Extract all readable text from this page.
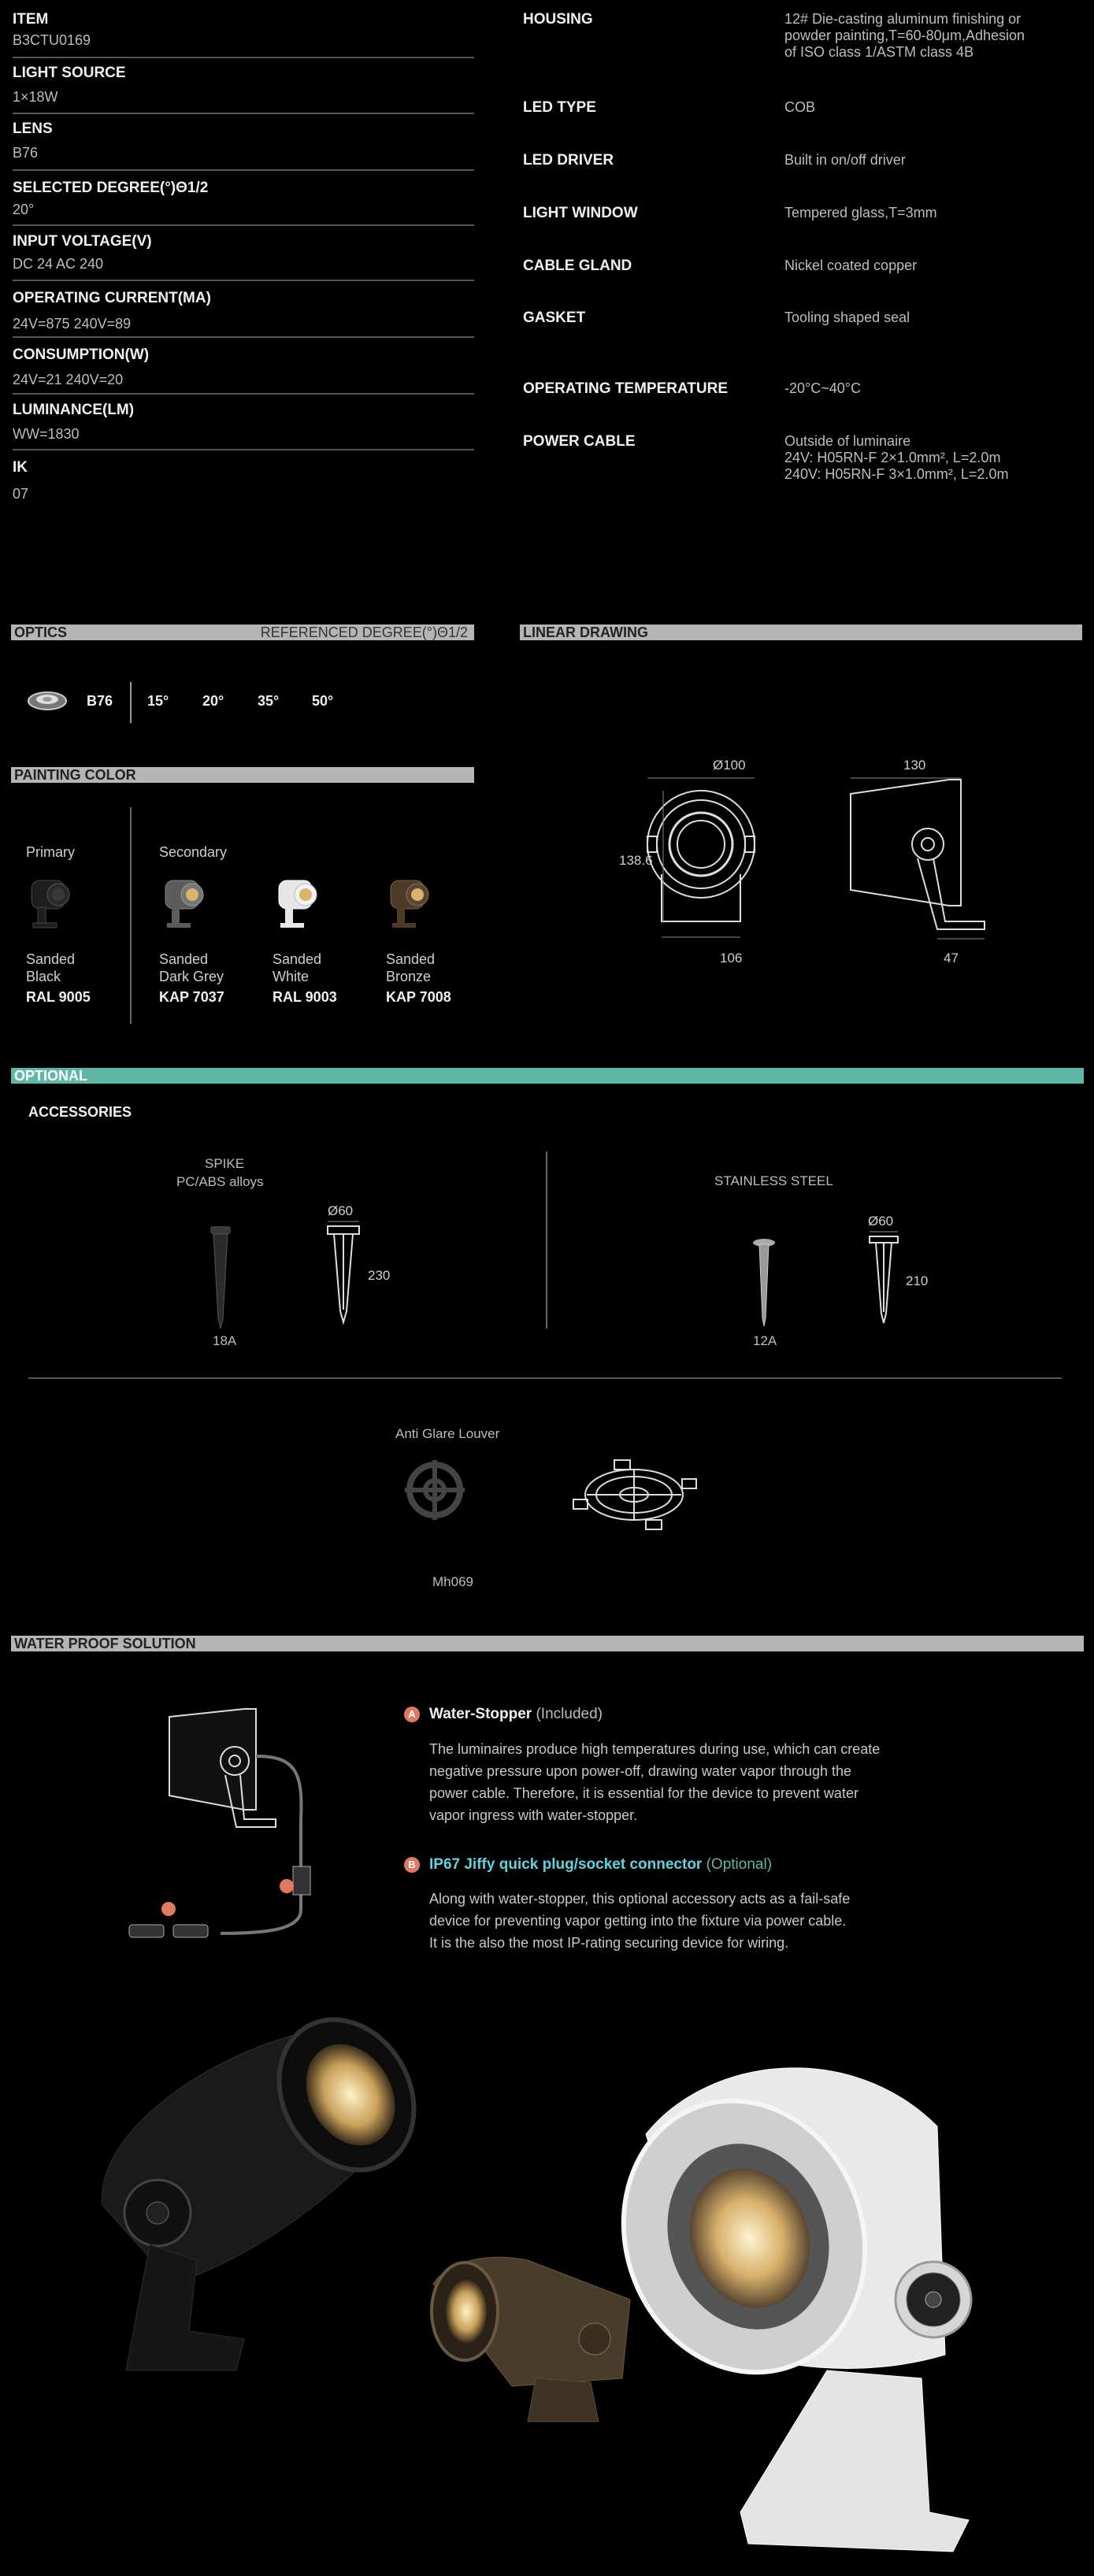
ITEM
B3CTU0169
LIGHT SOURCE
1×18W
LENS
B76
SELECTED DEGREE(°)Θ1/2
20°
INPUT VOLTAGE(V)
DC 24 AC 240
OPERATING CURRENT(MA)
24V=875 240V=89
CONSUMPTION(W)
24V=21 240V=20
LUMINANCE(LM)
WW=1830
IK
07
HOUSING	12# Die-casting aluminum finishing or
powder painting,T=60-80μm,Adhesion
of ISO class 1/ASTM class 4B
LED TYPE	COB
LED DRIVER	Built in on/off driver
LIGHT WINDOW	Tempered glass,T=3mm
CABLE GLAND	Nickel coated copper
GASKET	Tooling shaped seal
OPERATING TEMPERATURE	-20°C~40°C
POWER CABLE	Outside of luminaire
24V: H05RN-F 2×1.0mm², L=2.0m
240V: H05RN-F 3×1.0mm², L=2.0m
OPTICS	REFERENCED DEGREE(°)Θ1/2	LINEAR DRAWING
B76 15° 20° 35° 50°
PAINTING COLOR
Primary	Secondary
Sanded
Black
RAL 9005
Sanded
Dark Grey
KAP 7037
Sanded
White
RAL 9003
Sanded
Bronze
KAP 7008
Ø100
138.6
106
130
47
OPTIONAL
ACCESSORIES
SPIKE
PC/ABS alloys	STAINLESS STEEL
18A
Ø60
230
12A
Ø60
210
Anti Glare Louver
Mh069
WATER PROOF SOLUTION
A Water-Stopper (Included)
The luminaires produce high temperatures during use, which can create
negative pressure upon power-off, drawing water vapor through the
power cable. Therefore, it is essential for the device to prevent water
vapor ingress with water-stopper.
B IP67 Jiffy quick plug/socket connector (Optional)
Along with water-stopper, this optional accessory acts as a fail-safe
device for preventing vapor getting into the fixture via power cable.
It is the also the most IP-rating securing device for wiring.
